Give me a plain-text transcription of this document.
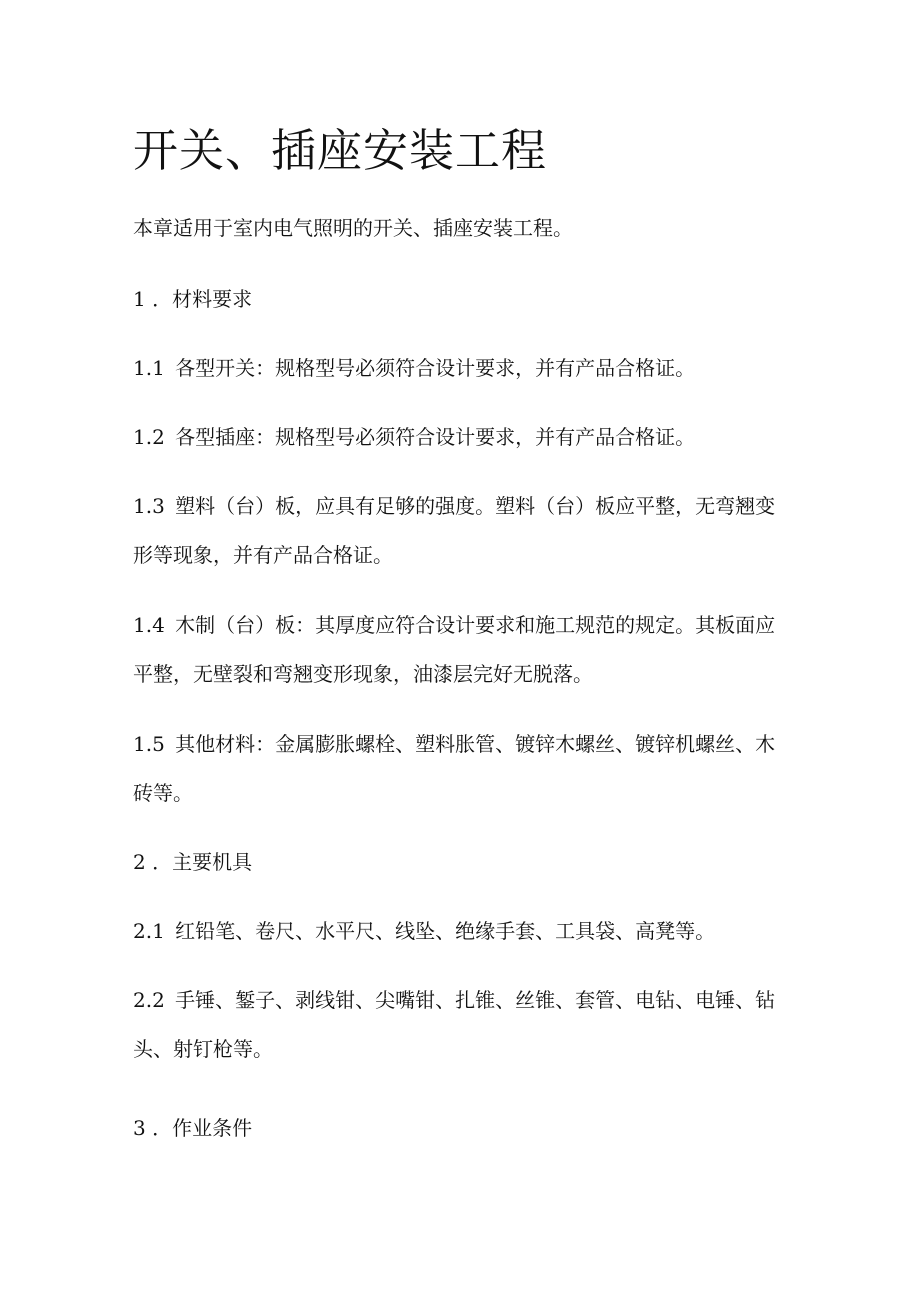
开关、插座安装工程
本章适用于室内电气照明的开关、插座安装工程。
1 ．材料要求
1.1 各型开关：规格型号必须符合设计要求，并有产品合格证。
1.2 各型插座：规格型号必须符合设计要求，并有产品合格证。
1.3 塑料（台）板，应具有足够的强度。塑料（台）板应平整，无弯翘变
形等现象，并有产品合格证。
1.4 木制（台）板：其厚度应符合设计要求和施工规范的规定。其板面应
平整，无壁裂和弯翘变形现象，油漆层完好无脱落。
1.5 其他材料：金属膨胀螺栓、塑料胀管、镀锌木螺丝、镀锌机螺丝、木
砖等。
2 ．主要机具
2.1 红铅笔、卷尺、水平尺、线坠、绝缘手套、工具袋、高凳等。
2.2 手锤、錾子、剥线钳、尖嘴钳、扎锥、丝锥、套管、电钻、电锤、钻
头、射钉枪等。
3 ．作业条件
